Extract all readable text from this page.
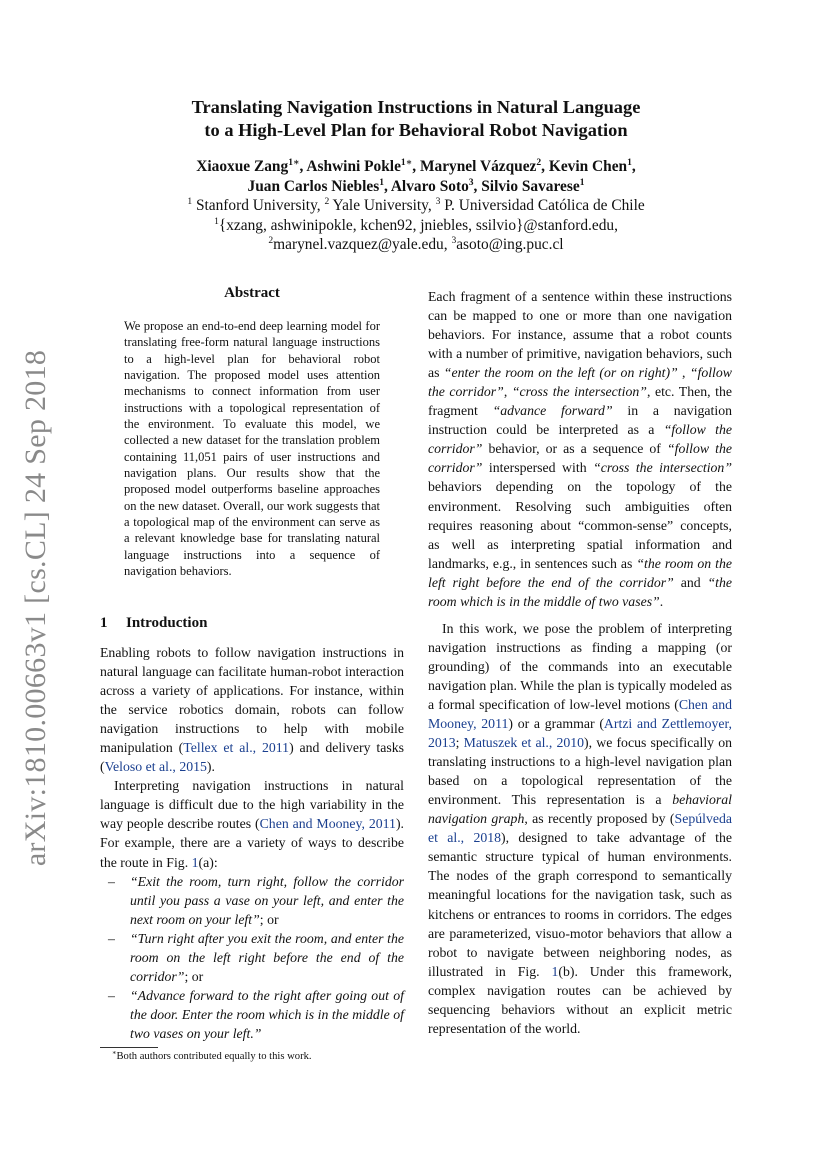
arXiv:1810.00663v1 [cs.CL] 24 Sep 2018
Translating Navigation Instructions in Natural Language
to a High-Level Plan for Behavioral Robot Navigation
Xiaoxue Zang$^{1∗}$, Ashwini Pokle$^{1∗}$, Marynel Vázquez$^2$, Kevin Chen$^1$,
Juan Carlos Niebles$^1$, Alvaro Soto$^3$, Silvio Savarese$^1$
$^1$ Stanford University, $^2$ Yale University, $^3$ P. Universidad Católica de Chile
$^1${xzang, ashwinipokle, kchen92, jniebles, ssilvio}@stanford.edu,
$^2$marynel.vazquez@yale.edu, $^3$asoto@ing.puc.cl
Abstract
We propose an end-to-end deep learning model for translating free-form natural language instructions to a high-level plan for behavioral robot navigation. The proposed model uses attention mechanisms to connect information from user instructions with a topological representation of the environment. To evaluate this model, we collected a new dataset for the translation problem containing 11,051 pairs of user instructions and navigation plans. Our results show that the proposed model outperforms baseline approaches on the new dataset. Overall, our work suggests that a topological map of the environment can serve as a relevant knowledge base for translating natural language instructions into a sequence of navigation behaviors.
1 Introduction

Enabling robots to follow navigation instructions in natural language can facilitate human-robot interaction across a variety of applications. For instance, within the service robotics domain, robots can follow navigation instructions to help with mobile manipulation (Tellex et al., 2011) and delivery tasks (Veloso et al., 2015).

Interpreting navigation instructions in natural language is difficult due to the high variability in the way people describe routes (Chen and Mooney, 2011). For example, there are a variety of ways to describe the route in Fig. 1(a):

– “Exit the room, turn right, follow the corridor until you pass a vase on your left, and enter the next room on your left”; or
– “Turn right after you exit the room, and enter the room on the left right before the end of the corridor”; or
– “Advance forward to the right after going out of the door. Enter the room which is in the middle of two vases on your left.”

Each fragment of a sentence within these instructions can be mapped to one or more than one navigation behaviors. For instance, assume that a robot counts with a number of primitive, navigation behaviors, such as “enter the room on the left (or on right)” , “follow the corridor”, “cross the intersection”, etc. Then, the fragment “advance forward” in a navigation instruction could be interpreted as a “follow the corridor” behavior, or as a sequence of “follow the corridor” interspersed with “cross the intersection” behaviors depending on the topology of the environment. Resolving such ambiguities often requires reasoning about “common-sense” concepts, as well as interpreting spatial information and landmarks, e.g., in sentences such as “the room on the left right before the end of the corridor” and “the room which is in the middle of two vases”.

In this work, we pose the problem of interpreting navigation instructions as finding a mapping (or grounding) of the commands into an executable navigation plan. While the plan is typically modeled as a formal specification of low-level motions (Chen and Mooney, 2011) or a grammar (Artzi and Zettlemoyer, 2013; Matuszek et al., 2010), we focus specifically on translating instructions to a high-level navigation plan based on a topological representation of the environment. This representation is a behavioral navigation graph, as recently proposed by (Sepúlveda et al., 2018), designed to take advantage of the semantic structure typical of human environments. The nodes of the graph correspond to semantically meaningful locations for the navigation task, such as kitchens or entrances to rooms in corridors. The edges are parameterized, visuo-motor behaviors that allow a robot to navigate between neighboring nodes, as illustrated in Fig. 1(b). Under this framework, complex navigation routes can be achieved by sequencing behaviors without an explicit metric representation of the world.

∗Both authors contributed equally to this work.
